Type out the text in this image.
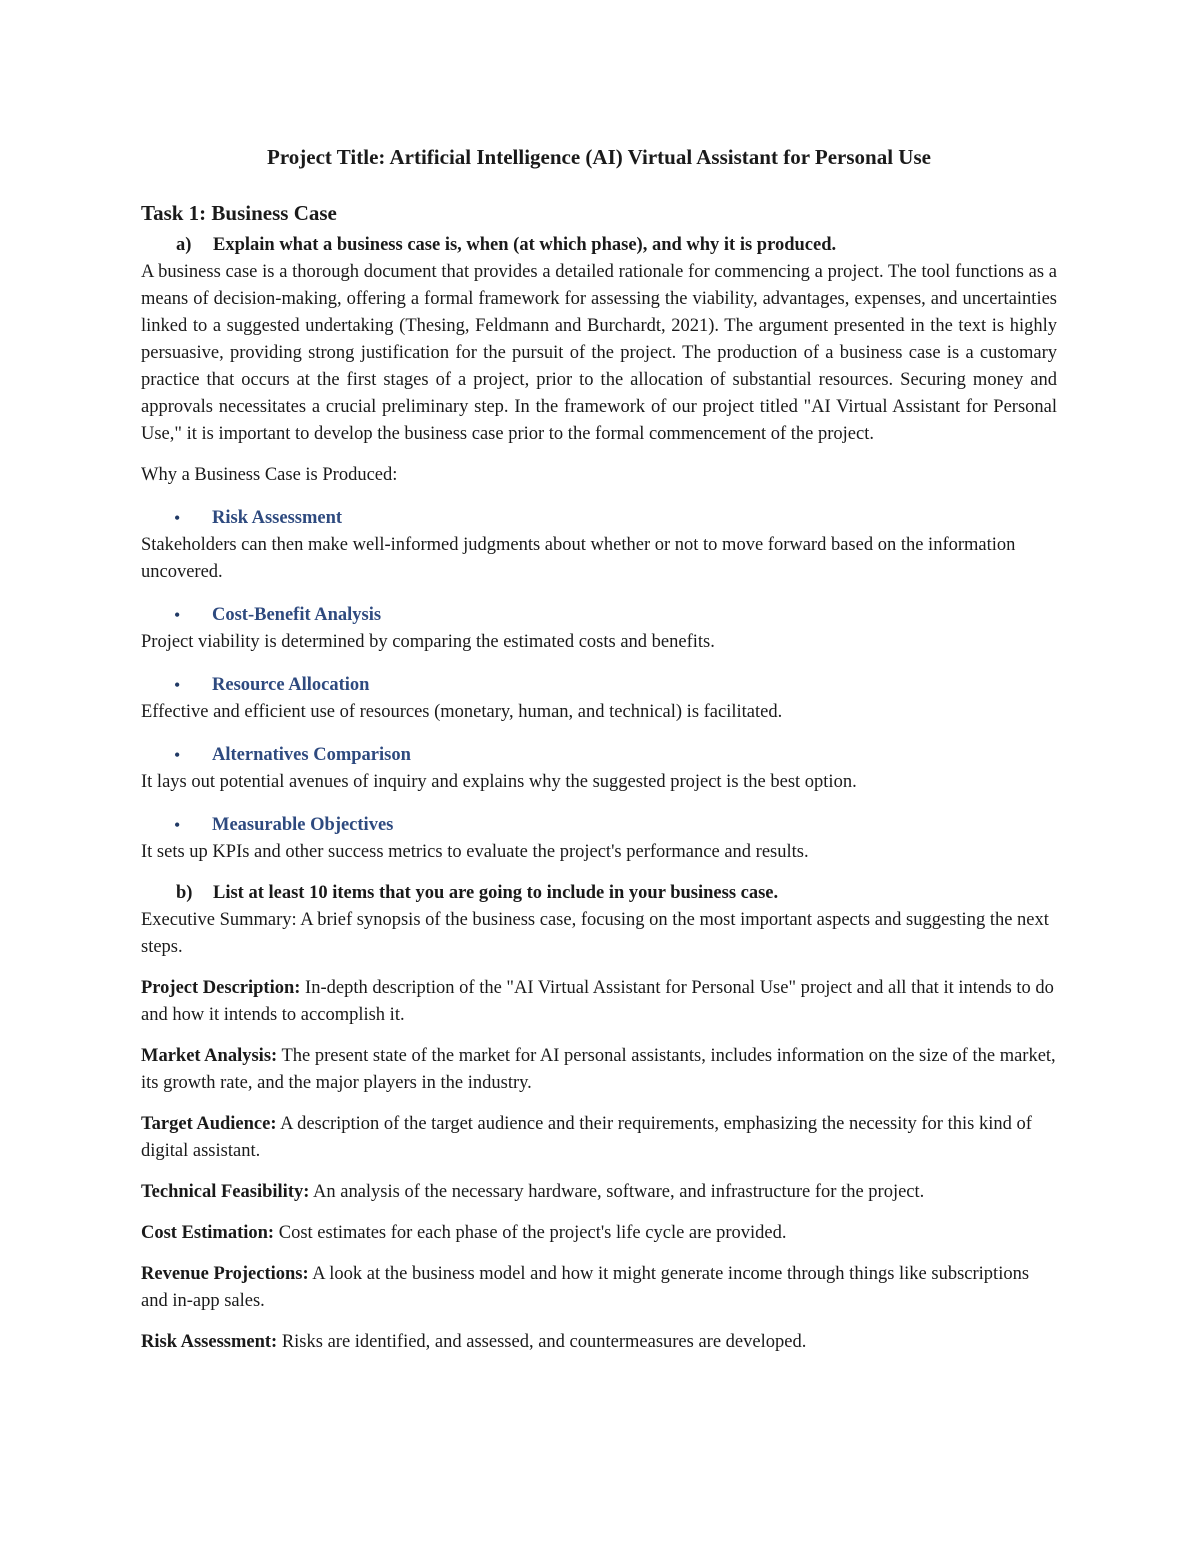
Project Title: Artificial Intelligence (AI) Virtual Assistant for Personal Use
Task 1: Business Case
a)	Explain what a business case is, when (at which phase), and why it is produced.

A business case is a thorough document that provides a detailed rationale for commencing a project. The tool functions as a means of decision-making, offering a formal framework for assessing the viability, advantages, expenses, and uncertainties linked to a suggested undertaking (Thesing, Feldmann and Burchardt, 2021). The argument presented in the text is highly persuasive, providing strong justification for the pursuit of the project. The production of a business case is a customary practice that occurs at the first stages of a project, prior to the allocation of substantial resources. Securing money and approvals necessitates a crucial preliminary step. In the framework of our project titled "AI Virtual Assistant for Personal Use," it is important to develop the business case prior to the formal commencement of the project.

Why a Business Case is Produced:

•	Risk Assessment

Stakeholders can then make well-informed judgments about whether or not to move forward based on the information uncovered.

•	Cost-Benefit Analysis

Project viability is determined by comparing the estimated costs and benefits.

•	Resource Allocation

Effective and efficient use of resources (monetary, human, and technical) is facilitated.

•	Alternatives Comparison

It lays out potential avenues of inquiry and explains why the suggested project is the best option.

•	Measurable Objectives

It sets up KPIs and other success metrics to evaluate the project's performance and results.

b)	List at least 10 items that you are going to include in your business case.

Executive Summary: A brief synopsis of the business case, focusing on the most important aspects and suggesting the next steps.

Project Description: In-depth description of the "AI Virtual Assistant for Personal Use" project and all that it intends to do and how it intends to accomplish it.

Market Analysis: The present state of the market for AI personal assistants, includes information on the size of the market, its growth rate, and the major players in the industry.

Target Audience: A description of the target audience and their requirements, emphasizing the necessity for this kind of digital assistant.

Technical Feasibility: An analysis of the necessary hardware, software, and infrastructure for the project.

Cost Estimation: Cost estimates for each phase of the project's life cycle are provided.

Revenue Projections: A look at the business model and how it might generate income through things like subscriptions and in-app sales.

Risk Assessment: Risks are identified, and assessed, and countermeasures are developed.
